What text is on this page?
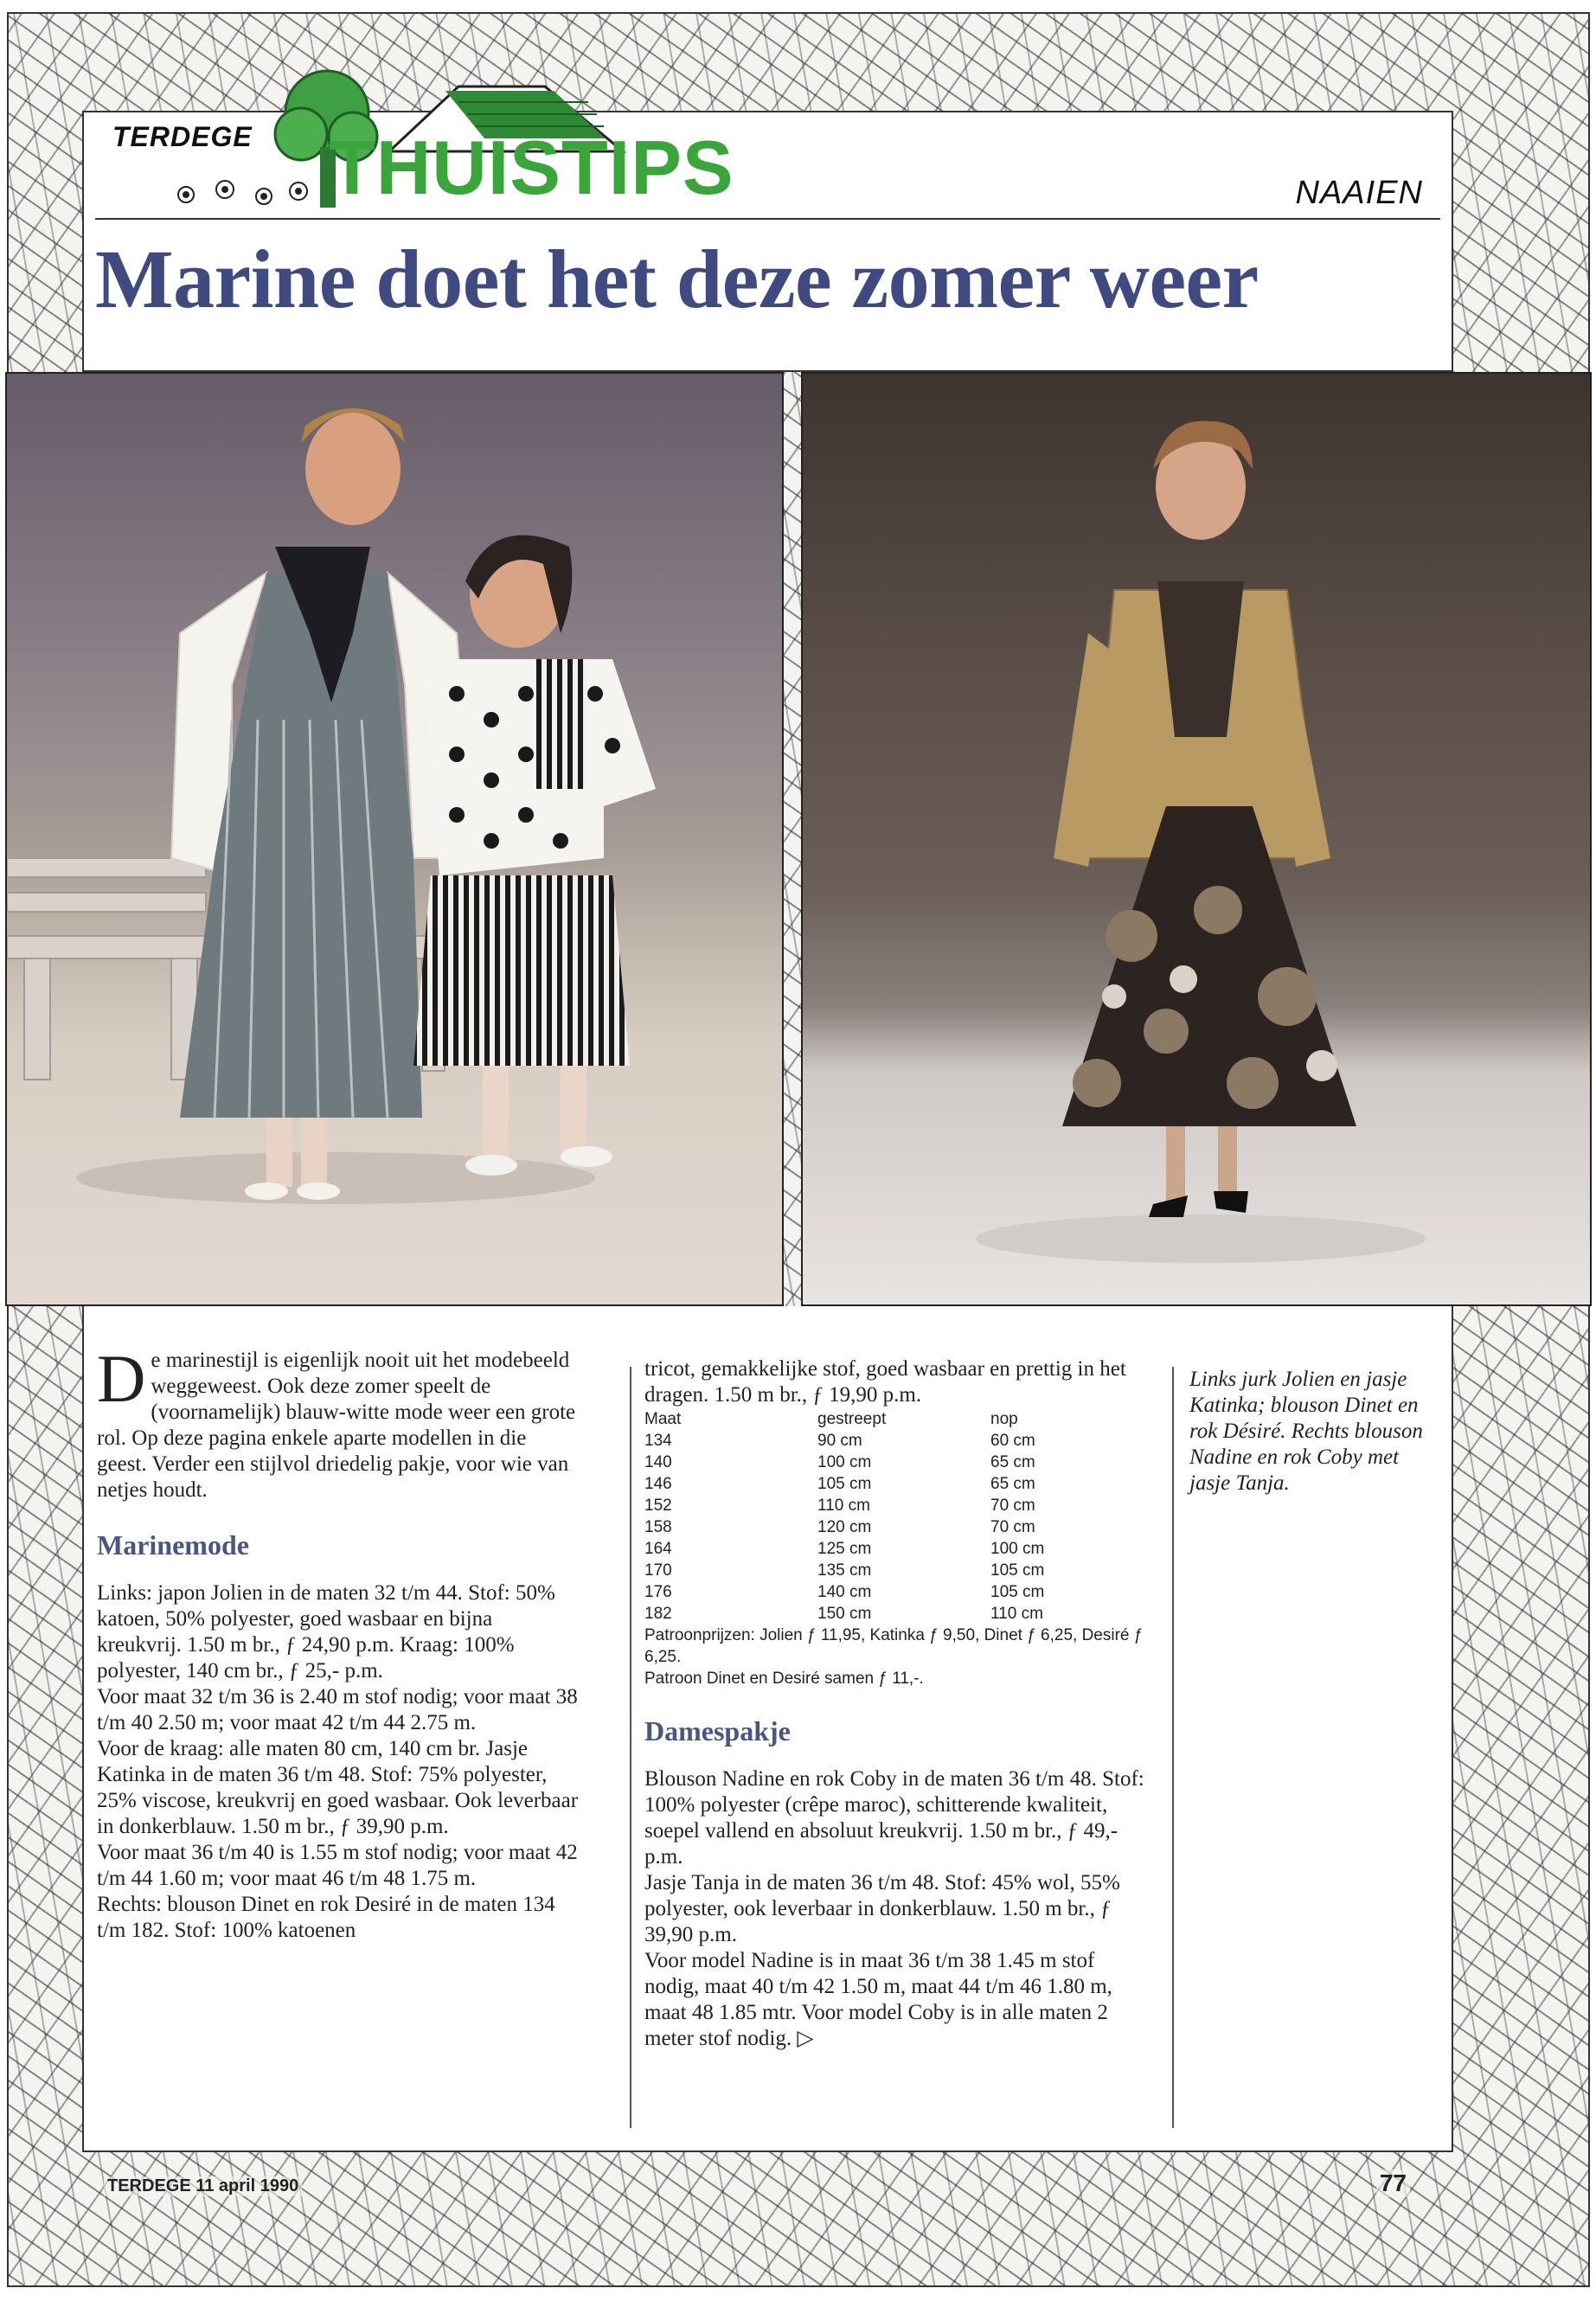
TERDEGE THUISTIPS	NAAIEN
Marine doet het deze zomer weer
D e marinestijl is eigenlijk nooit uit het modebeeld weggeweest. Ook deze zomer speelt de (voornamelijk) blauw-witte mode weer een grote rol. Op deze pagina enkele aparte modellen in die geest. Verder een stijlvol driedelig pakje, voor wie van netjes houdt.
Marinemode
Links: japon Jolien in de maten 32 t/m 44. Stof: 50% katoen, 50% polyester, goed wasbaar en bijna kreukvrij. 1.50 m br., ƒ 24,90 p.m. Kraag: 100% polyester, 140 cm br., ƒ 25,- p.m.
Voor maat 32 t/m 36 is 2.40 m stof nodig; voor maat 38 t/m 40 2.50 m; voor maat 42 t/m 44 2.75 m.
Voor de kraag: alle maten 80 cm, 140 cm br. Jasje Katinka in de maten 36 t/m 48. Stof: 75% polyester, 25% viscose, kreukvrij en goed wasbaar. Ook leverbaar in donkerblauw. 1.50 m br., ƒ 39,90 p.m.
Voor maat 36 t/m 40 is 1.55 m stof nodig; voor maat 42 t/m 44 1.60 m; voor maat 46 t/m 48 1.75 m.
Rechts: blouson Dinet en rok Desiré in de maten 134 t/m 182. Stof: 100% katoenen
tricot, gemakkelijke stof, goed wasbaar en prettig in het dragen. 1.50 m br., ƒ 19,90 p.m.
Maat	gestreept	nop
134	90 cm	60 cm
140	100 cm	65 cm
146	105 cm	65 cm
152	110 cm	70 cm
158	120 cm	70 cm
164	125 cm	100 cm
170	135 cm	105 cm
176	140 cm	105 cm
182	150 cm	110 cm
Patroonprijzen: Jolien ƒ 11,95, Katinka ƒ 9,50, Dinet ƒ 6,25, Desiré ƒ 6,25.
Patroon Dinet en Desiré samen ƒ 11,-.
Damespakje
Blouson Nadine en rok Coby in de maten 36 t/m 48. Stof: 100% polyester (crêpe maroc), schitterende kwaliteit, soepel vallend en absoluut kreukvrij. 1.50 m br., ƒ 49,- p.m.
Jasje Tanja in de maten 36 t/m 48. Stof: 45% wol, 55% polyester, ook leverbaar in donkerblauw. 1.50 m br., ƒ 39,90 p.m.
Voor model Nadine is in maat 36 t/m 38 1.45 m stof nodig, maat 40 t/m 42 1.50 m, maat 44 t/m 46 1.80 m, maat 48 1.85 mtr. Voor model Coby is in alle maten 2 meter stof nodig. ▷
Links jurk Jolien en jasje Katinka; blouson Dinet en rok Désiré. Rechts blouson Nadine en rok Coby met jasje Tanja.
TERDEGE 11 april 1990	77
